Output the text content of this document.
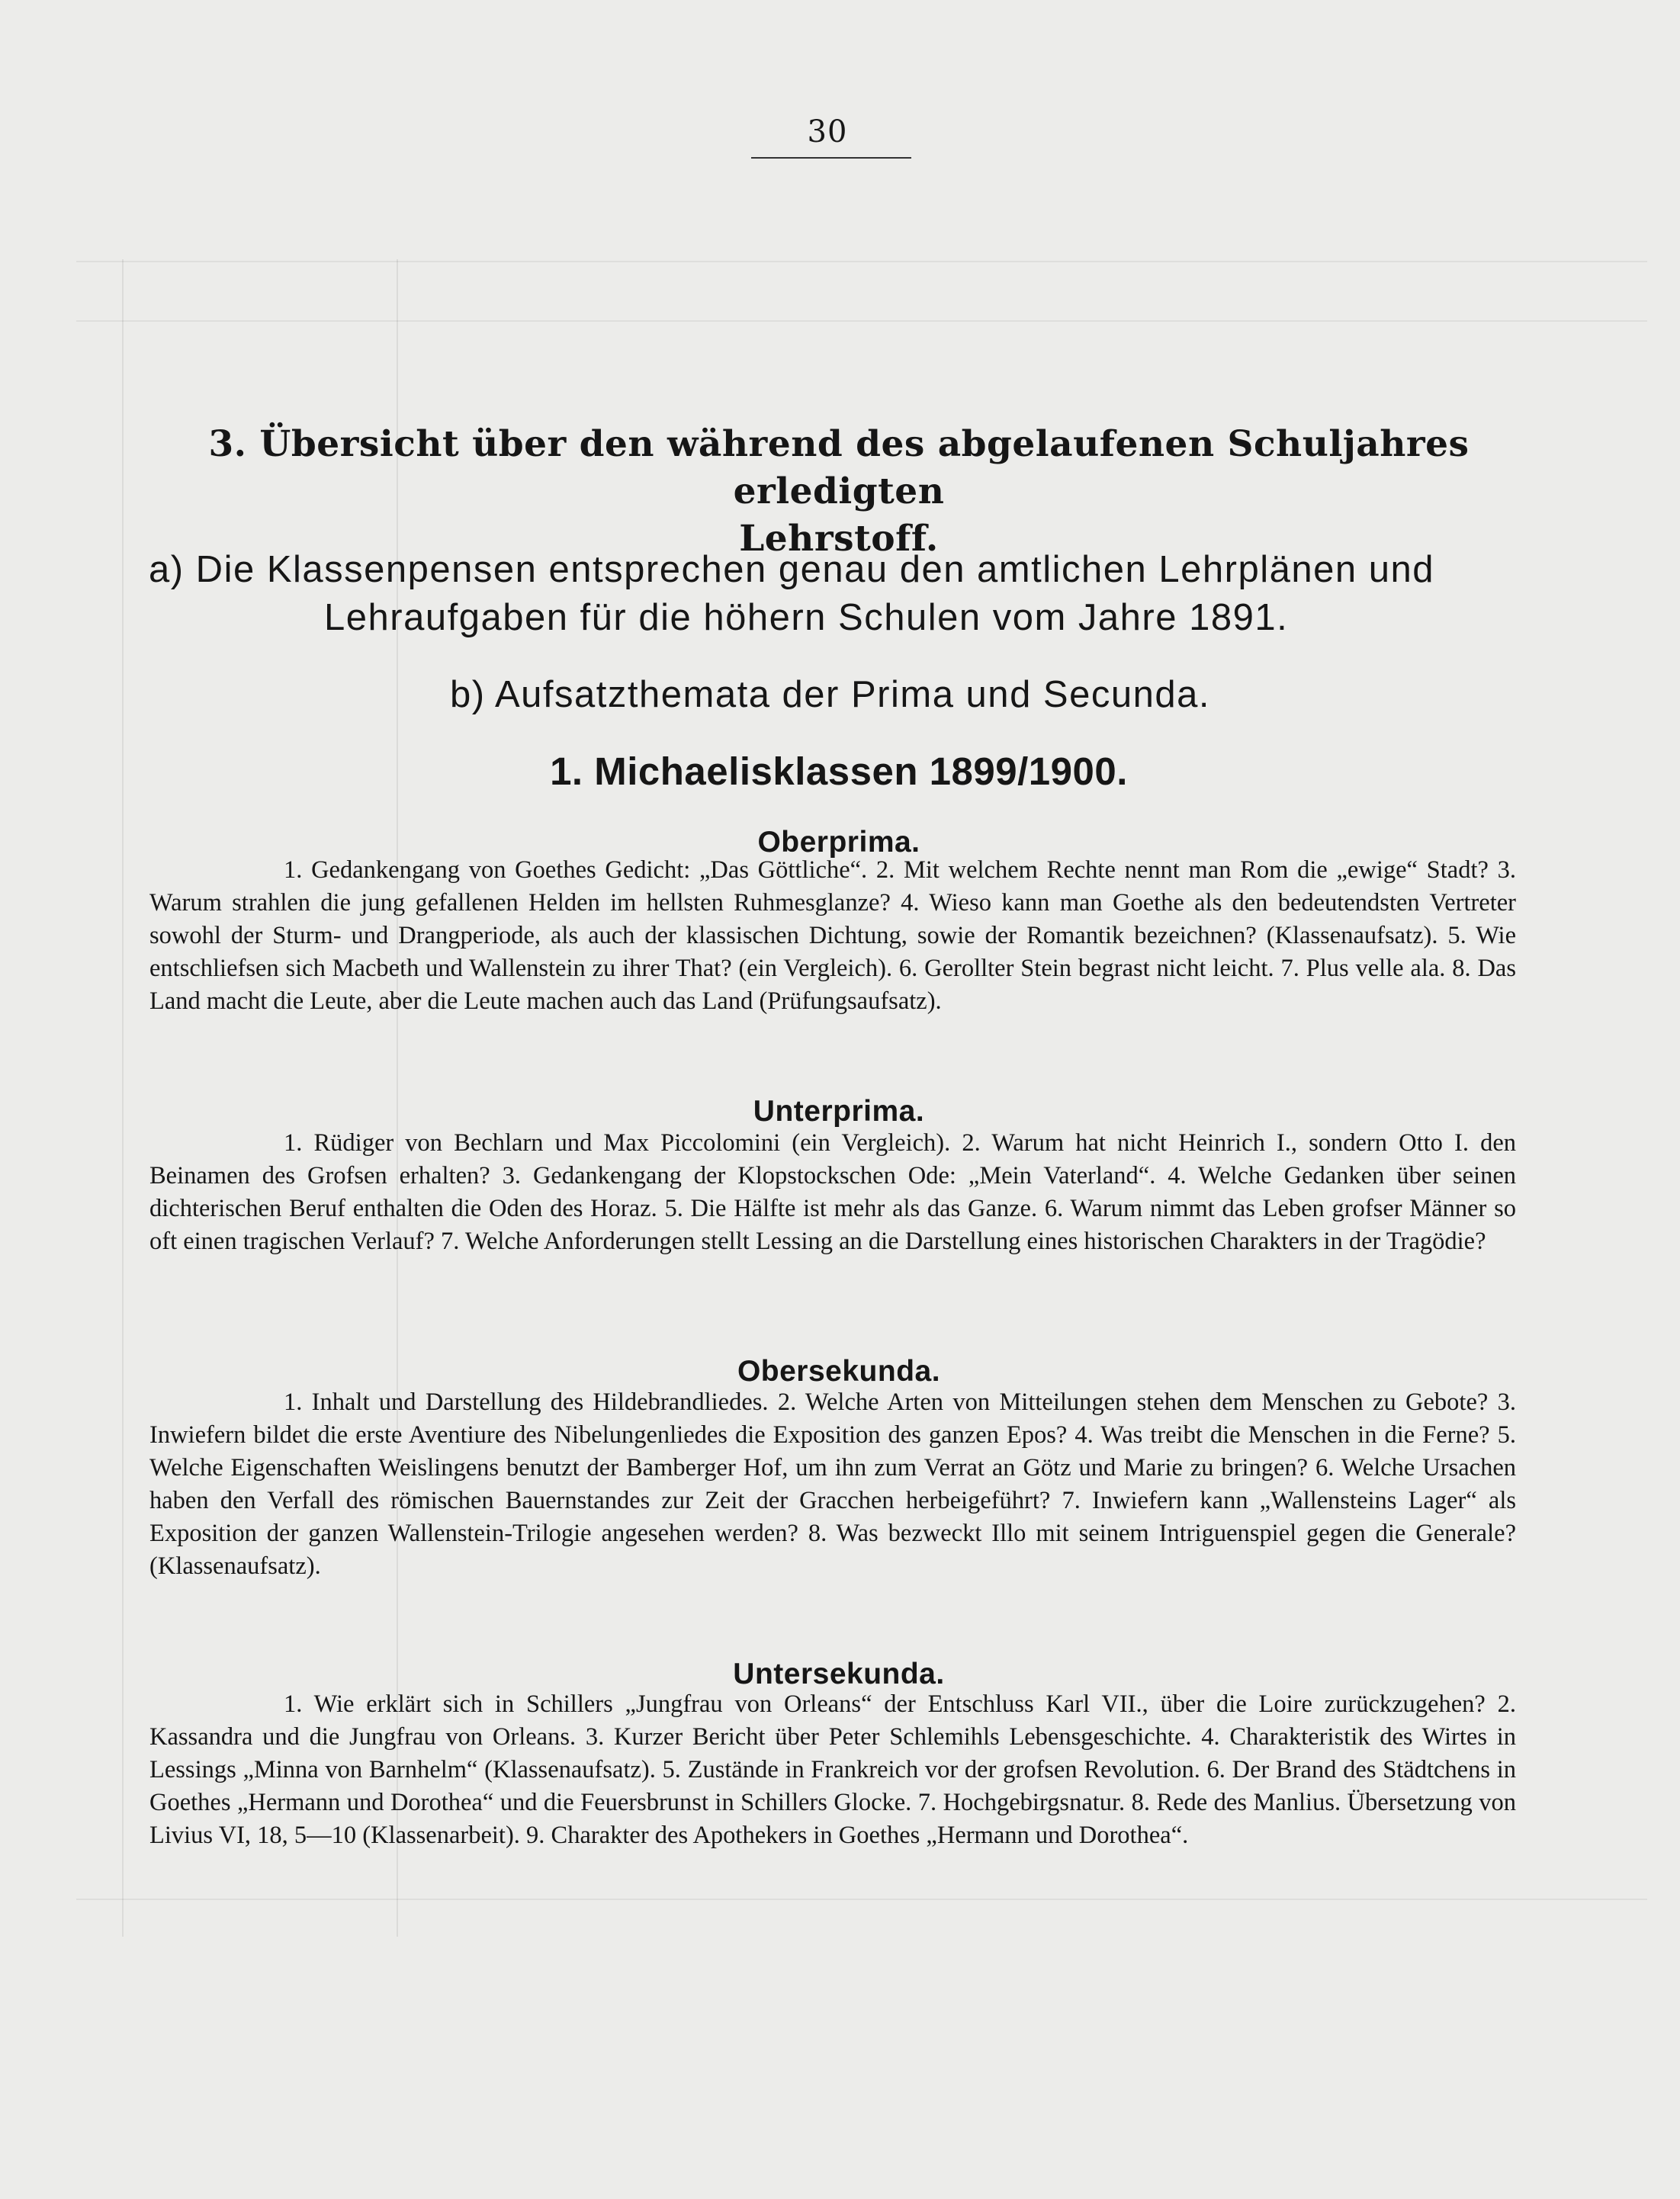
30
3. Übersicht über den während des abgelaufenen Schuljahres erledigten
Lehrstoff.
a) Die Klassenpensen entsprechen genau den amtlichen Lehrplänen und
Lehraufgaben für die höhern Schulen vom Jahre 1891.
b) Aufsatzthemata der Prima und Secunda.
1. Michaelisklassen 1899/1900.
Oberprima.

1. Gedankengang von Goethes Gedicht: „Das Göttliche“. 2. Mit welchem Rechte nennt man Rom die „ewige“ Stadt? 3. Warum strahlen die jung gefallenen Helden im hellsten Ruhmesglanze? 4. Wieso kann man Goethe als den bedeutendsten Vertreter sowohl der Sturm- und Drangperiode, als auch der klassischen Dichtung, sowie der Romantik bezeichnen? (Klassenaufsatz). 5. Wie entschliefsen sich Macbeth und Wallenstein zu ihrer That? (ein Vergleich). 6. Gerollter Stein begrast nicht leicht. 7. Plus velle ala. 8. Das Land macht die Leute, aber die Leute machen auch das Land (Prüfungsaufsatz).

Unterprima.

1. Rüdiger von Bechlarn und Max Piccolomini (ein Vergleich). 2. Warum hat nicht Heinrich I., sondern Otto I. den Beinamen des Grofsen erhalten? 3. Gedankengang der Klopstockschen Ode: „Mein Vaterland“. 4. Welche Gedanken über seinen dichterischen Beruf enthalten die Oden des Horaz. 5. Die Hälfte ist mehr als das Ganze. 6. Warum nimmt das Leben grofser Männer so oft einen tragischen Verlauf? 7. Welche Anforderungen stellt Lessing an die Darstellung eines historischen Charakters in der Tragödie?

Obersekunda.

1. Inhalt und Darstellung des Hildebrandliedes. 2. Welche Arten von Mitteilungen stehen dem Menschen zu Gebote? 3. Inwiefern bildet die erste Aventiure des Nibelungenliedes die Exposition des ganzen Epos? 4. Was treibt die Menschen in die Ferne? 5. Welche Eigenschaften Weislingens benutzt der Bamberger Hof, um ihn zum Verrat an Götz und Marie zu bringen? 6. Welche Ursachen haben den Verfall des römischen Bauernstandes zur Zeit der Gracchen herbeigeführt? 7. Inwiefern kann „Wallensteins Lager“ als Exposition der ganzen Wallenstein-Trilogie angesehen werden? 8. Was bezweckt Illo mit seinem Intriguenspiel gegen die Generale? (Klassenaufsatz).

Untersekunda.

1. Wie erklärt sich in Schillers „Jungfrau von Orleans“ der Entschluss Karl VII., über die Loire zurückzugehen? 2. Kassandra und die Jungfrau von Orleans. 3. Kurzer Bericht über Peter Schlemihls Lebensgeschichte. 4. Charakteristik des Wirtes in Lessings „Minna von Barnhelm“ (Klassenaufsatz). 5. Zustände in Frankreich vor der grofsen Revolution. 6. Der Brand des Städtchens in Goethes „Hermann und Dorothea“ und die Feuersbrunst in Schillers Glocke. 7. Hochgebirgsnatur. 8. Rede des Manlius. Übersetzung von Livius VI, 18, 5—10 (Klassenarbeit). 9. Charakter des Apothekers in Goethes „Hermann und Dorothea“.
